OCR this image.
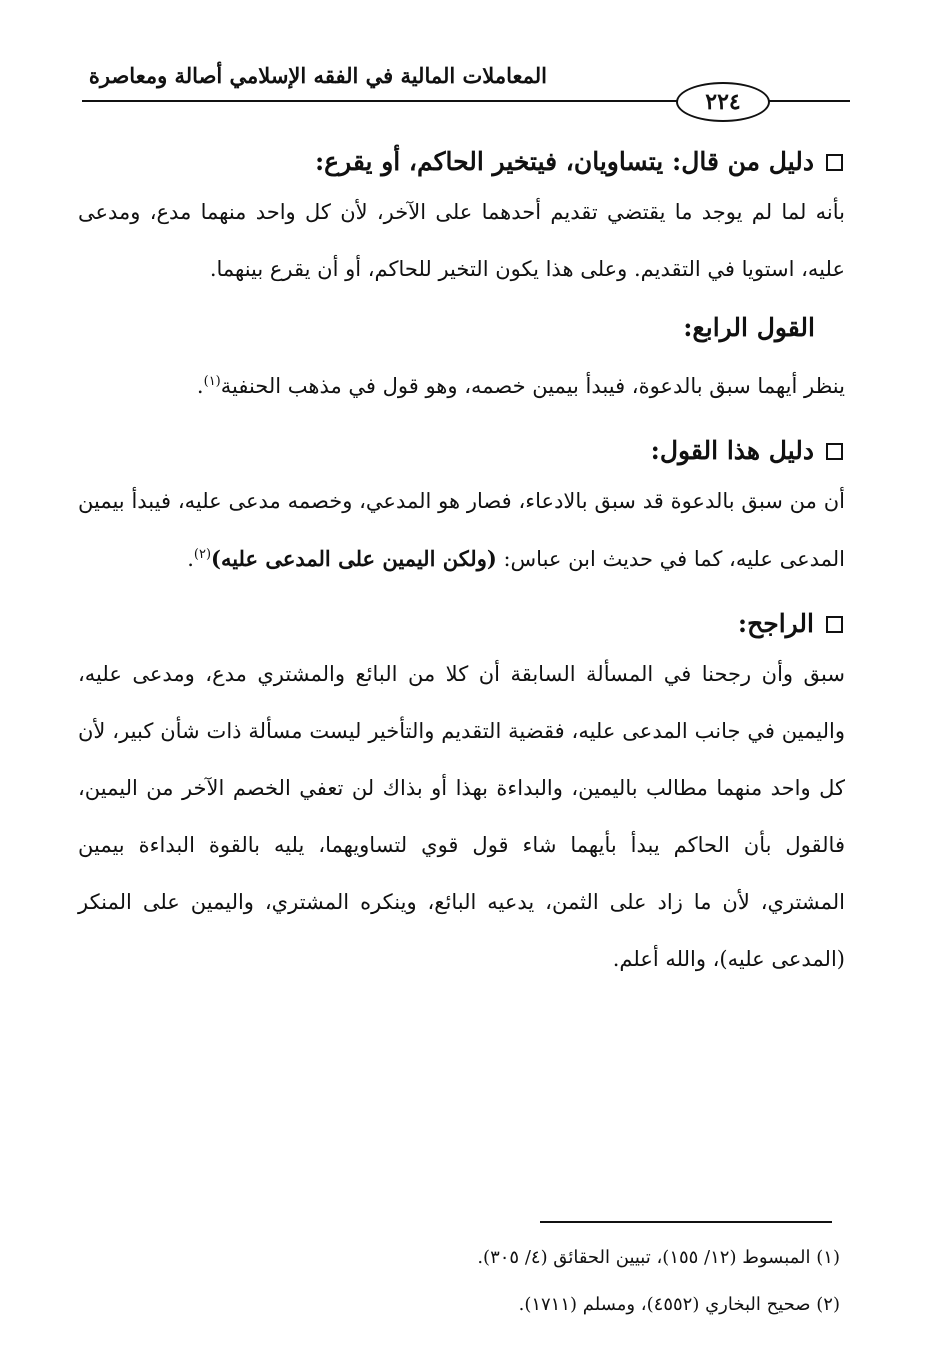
المعاملات المالية في الفقه الإسلامي أصالة ومعاصرة
٢٢٤
دليل من قال: يتساويان، فيتخير الحاكم، أو يقرع:

بأنه لما لم يوجد ما يقتضي تقديم أحدهما على الآخر، لأن كل واحد منهما مدع، ومدعى عليه، استويا في التقديم. وعلى هذا يكون التخير للحاكم، أو أن يقرع بينهما.

القول الرابع:

ينظر أيهما سبق بالدعوة، فيبدأ بيمين خصمه، وهو قول في مذهب الحنفية$^{(١)}$.

دليل هذا القول:

أن من سبق بالدعوة قد سبق بالادعاء، فصار هو المدعي، وخصمه مدعى عليه، فيبدأ بيمين المدعى عليه، كما في حديث ابن عباس: (ولكن اليمين على المدعى عليه)$^{(٢)}$.

الراجح:

سبق وأن رجحنا في المسألة السابقة أن كلا من البائع والمشتري مدع، ومدعى عليه، واليمين في جانب المدعى عليه، فقضية التقديم والتأخير ليست مسألة ذات شأن كبير، لأن كل واحد منهما مطالب باليمين، والبداءة بهذا أو بذاك لن تعفي الخصم الآخر من اليمين، فالقول بأن الحاكم يبدأ بأيهما شاء قول قوي لتساويهما، يليه بالقوة البداءة بيمين المشتري، لأن ما زاد على الثمن، يدعيه البائع، وينكره المشتري، واليمين على المنكر (المدعى عليه)، والله أعلم.

(١) المبسوط (١٢/ ١٥٥)، تبيين الحقائق (٤/ ٣٠٥).

(٢) صحيح البخاري (٤٥٥٢)، ومسلم (١٧١١).
